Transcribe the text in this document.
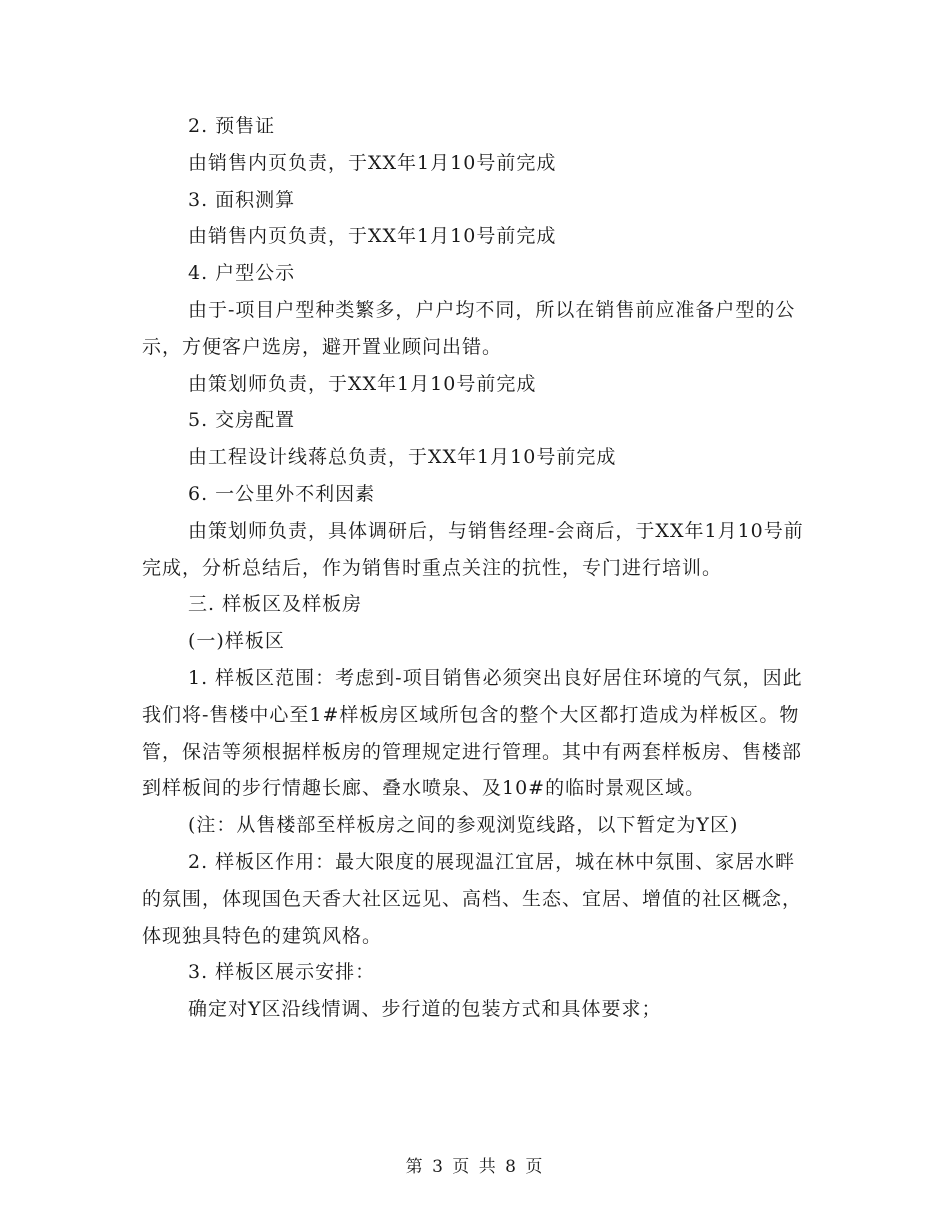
2. 预售证

由销售内页负责，于XX年1月10号前完成

3. 面积测算

由销售内页负责，于XX年1月10号前完成

4. 户型公示

由于-项目户型种类繁多，户户均不同，所以在销售前应准备户型的公示，方便客户选房，避开置业顾问出错。

由策划师负责，于XX年1月10号前完成

5. 交房配置

由工程设计线蒋总负责，于XX年1月10号前完成

6. 一公里外不利因素

由策划师负责，具体调研后，与销售经理-会商后，于XX年1月10号前完成，分析总结后，作为销售时重点关注的抗性，专门进行培训。

三. 样板区及样板房

(一)样板区

1. 样板区范围：考虑到-项目销售必须突出良好居住环境的气氛，因此我们将-售楼中心至1#样板房区域所包含的整个大区都打造成为样板区。物管，保洁等须根据样板房的管理规定进行管理。其中有两套样板房、售楼部到样板间的步行情趣长廊、叠水喷泉、及10#的临时景观区域。

(注：从售楼部至样板房之间的参观浏览线路，以下暂定为Y区)

2. 样板区作用：最大限度的展现温江宜居，城在林中氛围、家居水畔的氛围，体现国色天香大社区远见、高档、生态、宜居、增值的社区概念，体现独具特色的建筑风格。

3. 样板区展示安排：

确定对Y区沿线情调、步行道的包装方式和具体要求；

第 3 页 共 8 页
